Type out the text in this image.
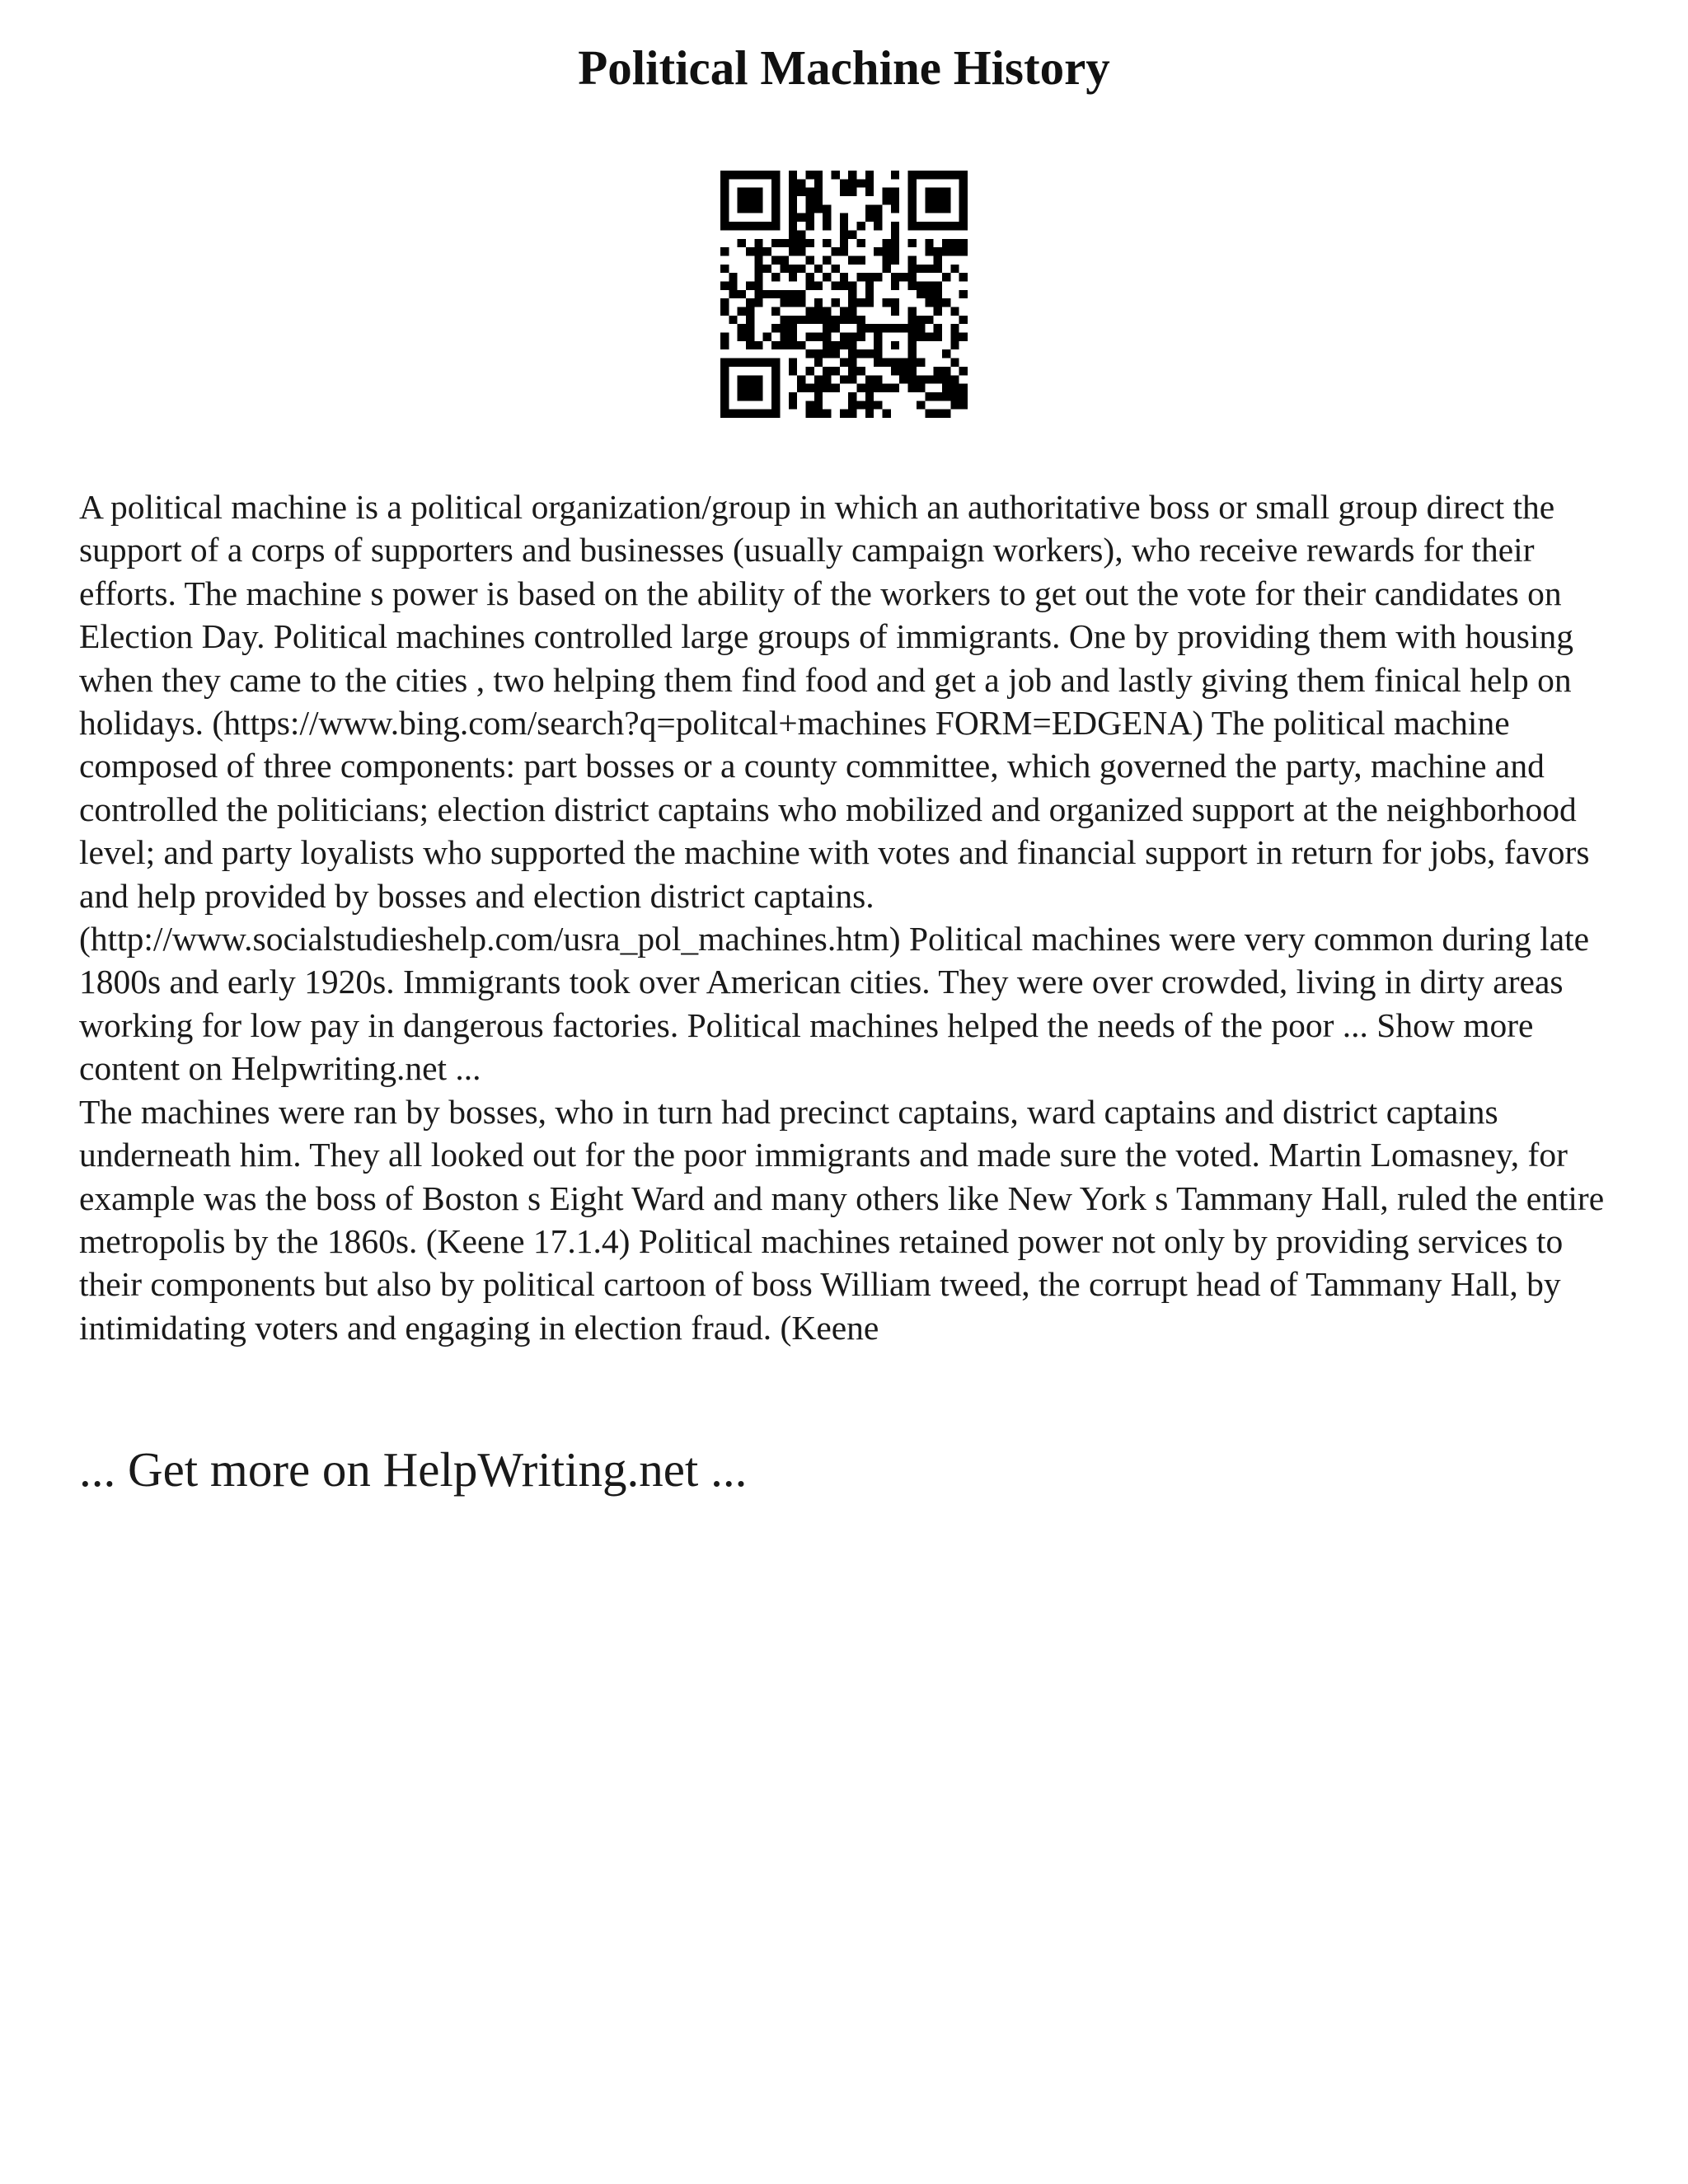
Political Machine History

A political machine is a political organization/group in which an authoritative boss or small group direct the support of a corps of supporters and businesses (usually campaign workers), who receive rewards for their efforts. The machine s power is based on the ability of the workers to get out the vote for their candidates on Election Day. Political machines controlled large groups of immigrants. One by providing them with housing when they came to the cities , two helping them find food and get a job and lastly giving them finical help on holidays. (https://www.bing.com/search?q=politcal+machines FORM=EDGENA) The political machine composed of three components: part bosses or a county committee, which governed the party, machine and controlled the politicians; election district captains who mobilized and organized support at the neighborhood level; and party loyalists who supported the machine with votes and financial support in return for jobs, favors and help provided by bosses and election district captains. (http://www.socialstudieshelp.com/usra_pol_machines.htm) Political machines were very common during late 1800s and early 1920s. Immigrants took over American cities. They were over crowded, living in dirty areas working for low pay in dangerous factories. Political machines helped the needs of the poor ... Show more content on Helpwriting.net ...

The machines were ran by bosses, who in turn had precinct captains, ward captains and district captains underneath him. They all looked out for the poor immigrants and made sure the voted. Martin Lomasney, for example was the boss of Boston s Eight Ward and many others like New York s Tammany Hall, ruled the entire metropolis by the 1860s. (Keene 17.1.4) Political machines retained power not only by providing services to their components but also by political cartoon of boss William tweed, the corrupt head of Tammany Hall, by intimidating voters and engaging in election fraud. (Keene

... Get more on HelpWriting.net ...
